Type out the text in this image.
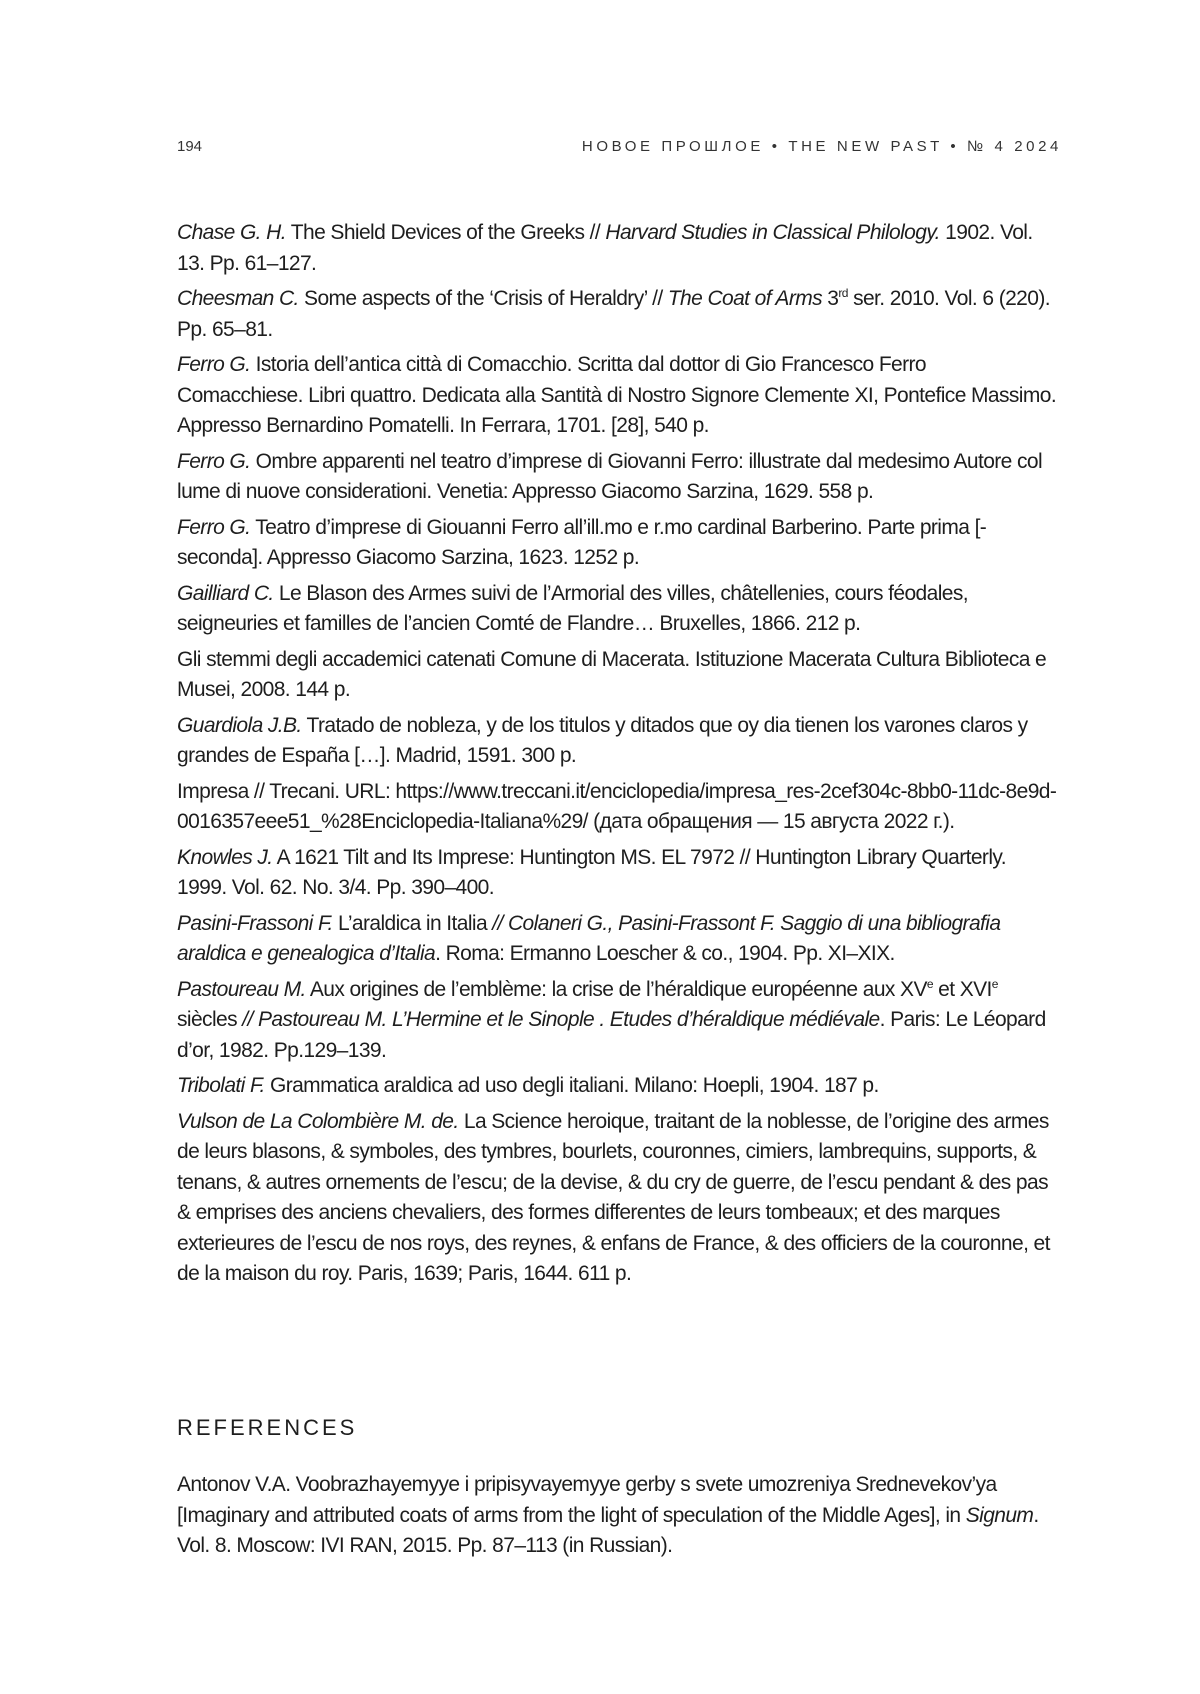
194	НОВОЕ ПРОШЛОЕ • THE NEW PAST • № 4 2024

Chase G. H. The Shield Devices of the Greeks // Harvard Studies in Classical Philology. 1902. Vol. 13. Pp. 61–127.

Cheesman C. Some aspects of the ‘Crisis of Heraldry’ // The Coat of Arms 3rd ser. 2010. Vol. 6 (220). Pp. 65–81.

Ferro G. Istoria dell’antica città di Comacchio. Scritta dal dottor di Gio Francesco Ferro Comacchiese. Libri quattro. Dedicata alla Santità di Nostro Signore Clemente XI, Pontefice Massimo. Appresso Bernardino Pomatelli. In Ferrara, 1701. [28], 540 p.

Ferro G. Ombre apparenti nel teatro d’imprese di Giovanni Ferro: illustrate dal medesimo Autore col lume di nuove considerationi. Venetia: Appresso Giacomo Sarzina, 1629. 558 p.

Ferro G. Teatro d’imprese di Giouanni Ferro all’ill.mo e r.mo cardinal Barberino. Parte prima [-seconda]. Appresso Giacomo Sarzina, 1623. 1252 p.

Gailliard C. Le Blason des Armes suivi de l’Armorial des villes, châtellenies, cours féodales, seigneuries et familles de l’ancien Comté de Flandre… Bruxelles, 1866. 212 p.

Gli stemmi degli accademici catenati Comune di Macerata. Istituzione Macerata Cultura Biblioteca e Musei, 2008. 144 p.

Guardiola J.B. Tratado de nobleza, y de los titulos y ditados que oy dia tienen los varones claros y grandes de España […]. Madrid, 1591. 300 p.

Impresa // Trecani. URL: https://www.treccani.it/enciclopedia/impresa_res-2cef304c-8bb0-11dc-8e9d-0016357eee51_%28Enciclopedia-Italiana%29/ (дата обращения — 15 августа 2022 г.).

Knowles J. A 1621 Tilt and Its Imprese: Huntington MS. EL 7972 // Huntington Library Quarterly. 1999. Vol. 62. No. 3/4. Pp. 390–400.

Pasini-Frassoni F. L’araldica in Italia // Colaneri G., Pasini-Frassont F. Saggio di una bibliografia araldica e genealogica d’Italia. Roma: Ermanno Loescher & co., 1904. Pp. XI–XIX.

Pastoureau M. Aux origines de l’emblème: la crise de l’héraldique européenne aux XVe et XVIe siècles // Pastoureau M. L’Hermine et le Sinople . Etudes d’héraldique médiévale. Paris: Le Léopard d’or, 1982. Pp.129–139.

Tribolati F. Grammatica araldica ad uso degli italiani. Milano: Hoepli, 1904. 187 p.

Vulson de La Colombière M. de. La Science heroique, traitant de la noblesse, de l’origine des armes de leurs blasons, & symboles, des tymbres, bourlets, couronnes, cimiers, lambrequins, supports, & tenans, & autres ornements de l’escu; de la devise, & du cry de guerre, de l’escu pendant & des pas & emprises des anciens chevaliers, des formes differentes de leurs tombeaux; et des marques exterieures de l’escu de nos roys, des reynes, & enfans de France, & des officiers de la couronne, et de la maison du roy. Paris, 1639; Paris, 1644. 611 p.

REFERENCES

Antonov V.A. Voobrazhayemyye i pripisyvayemyye gerby s svete umozreniya Srednevekov’ya [Imaginary and attributed coats of arms from the light of speculation of the Middle Ages], in Signum. Vol. 8. Moscow: IVI RAN, 2015. Pp. 87–113 (in Russian).
